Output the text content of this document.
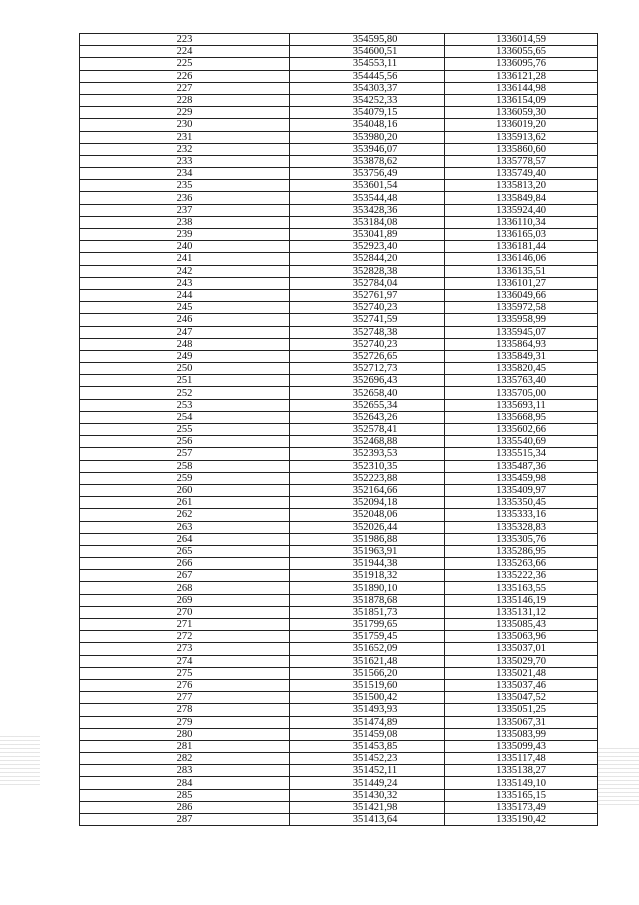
223	354595,80	1336014,59
224	354600,51	1336055,65
225	354553,11	1336095,76
226	354445,56	1336121,28
227	354303,37	1336144,98
228	354252,33	1336154,09
229	354079,15	1336059,30
230	354048,16	1336019,20
231	353980,20	1335913,62
232	353946,07	1335860,60
233	353878,62	1335778,57
234	353756,49	1335749,40
235	353601,54	1335813,20
236	353544,48	1335849,84
237	353428,36	1335924,40
238	353184,08	1336110,34
239	353041,89	1336165,03
240	352923,40	1336181,44
241	352844,20	1336146,06
242	352828,38	1336135,51
243	352784,04	1336101,27
244	352761,97	1336049,66
245	352740,23	1335972,58
246	352741,59	1335958,99
247	352748,38	1335945,07
248	352740,23	1335864,93
249	352726,65	1335849,31
250	352712,73	1335820,45
251	352696,43	1335763,40
252	352658,40	1335705,00
253	352655,34	1335693,11
254	352643,26	1335668,95
255	352578,41	1335602,66
256	352468,88	1335540,69
257	352393,53	1335515,34
258	352310,35	1335487,36
259	352223,88	1335459,98
260	352164,66	1335409,97
261	352094,18	1335350,45
262	352048,06	1335333,16
263	352026,44	1335328,83
264	351986,88	1335305,76
265	351963,91	1335286,95
266	351944,38	1335263,66
267	351918,32	1335222,36
268	351890,10	1335163,55
269	351878,68	1335146,19
270	351851,73	1335131,12
271	351799,65	1335085,43
272	351759,45	1335063,96
273	351652,09	1335037,01
274	351621,48	1335029,70
275	351566,20	1335021,48
276	351519,60	1335037,46
277	351500,42	1335047,52
278	351493,93	1335051,25
279	351474,89	1335067,31
280	351459,08	1335083,99
281	351453,85	1335099,43
282	351452,23	1335117,48
283	351452,11	1335138,27
284	351449,24	1335149,10
285	351430,32	1335165,15
286	351421,98	1335173,49
287	351413,64	1335190,42
